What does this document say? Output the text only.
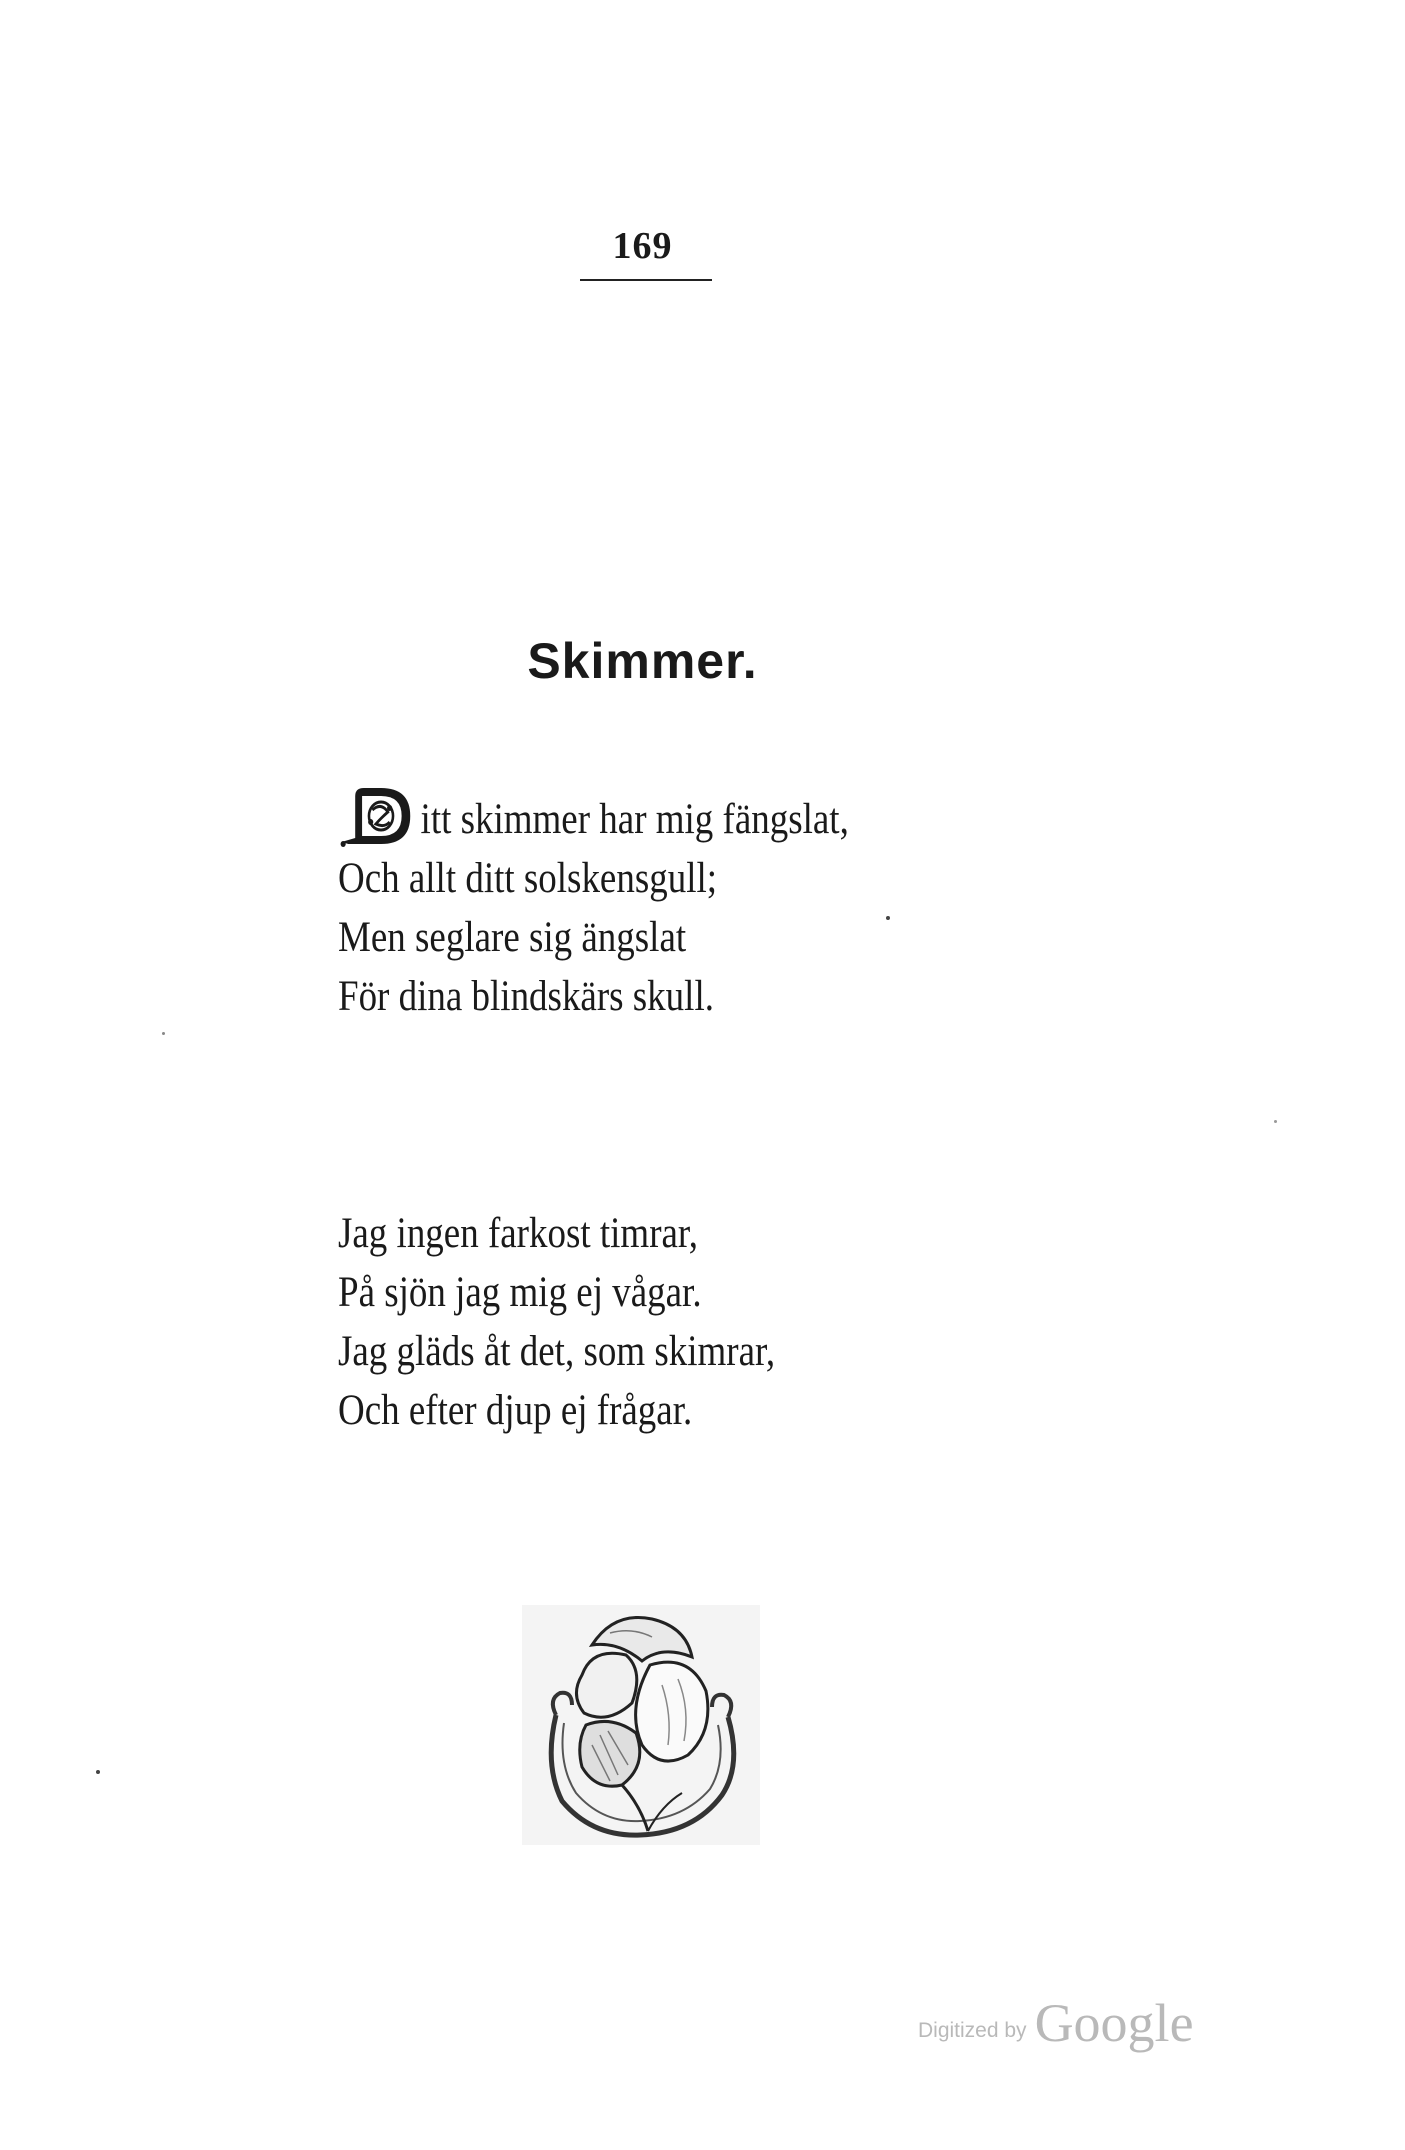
169
Skimmer.
itt skimmer har mig fängslat,
Och allt ditt solskensgull;
Men seglare sig ängslat
För dina blindskärs skull.
Jag ingen farkost timrar,
På sjön jag mig ej vågar.
Jag gläds åt det, som skimrar,
Och efter djup ej frågar.
Digitized by Google
